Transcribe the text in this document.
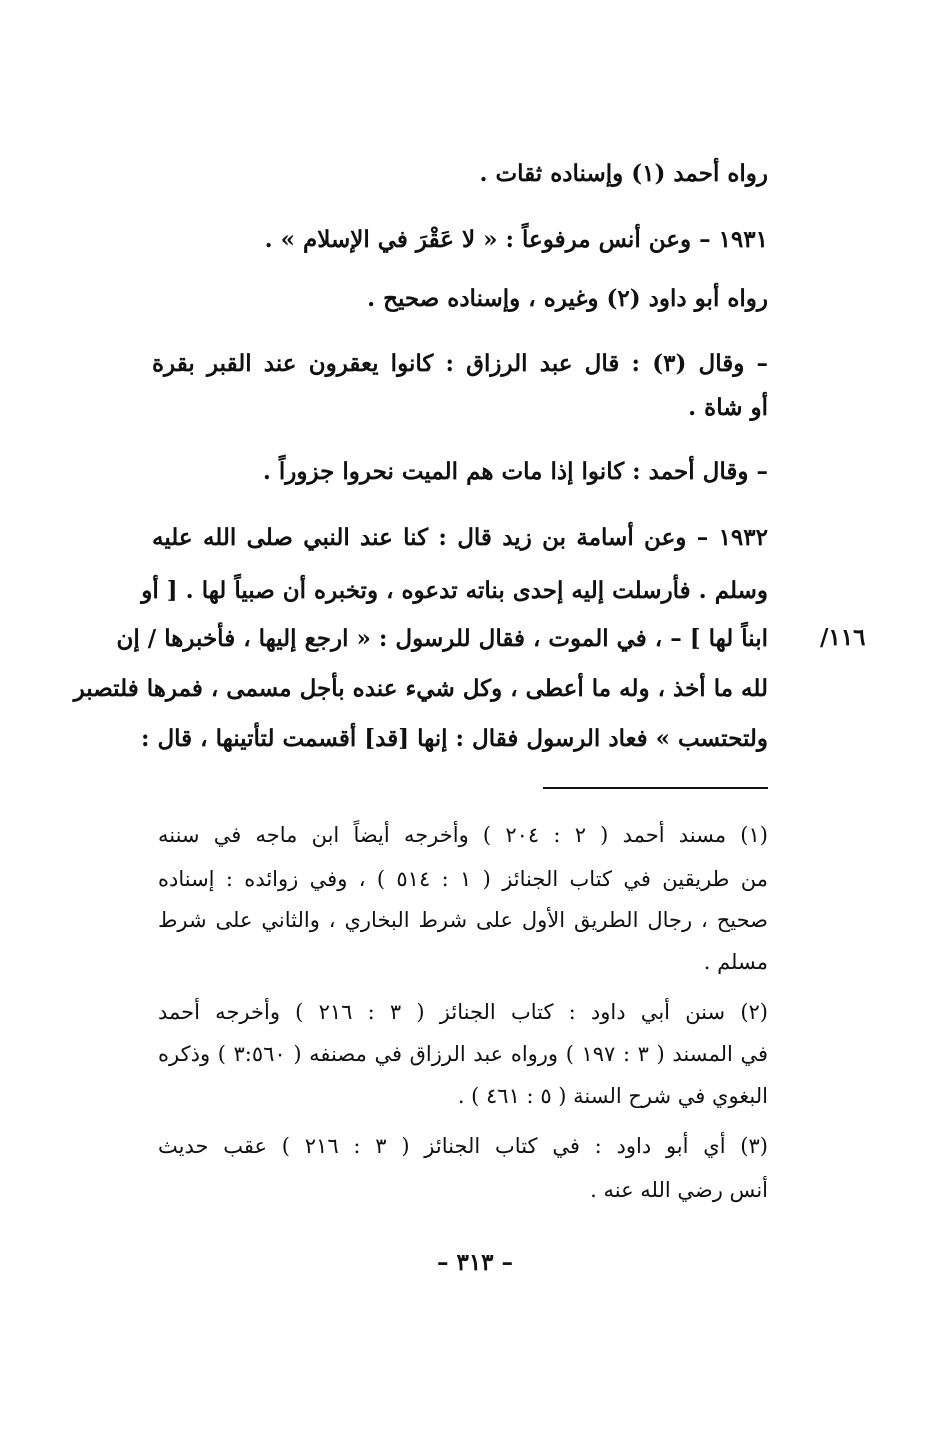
رواه أحمد (١) وإسناده ثقات .

١٩٣١ – وعن أنس مرفوعاً : « لا عَقْرَ في الإسلام » .

رواه أبو داود (٢) وغيره ، وإسناده صحيح .

– وقال (٣) : قال عبد الرزاق : كانوا يعقرون عند القبر بقرة

أو شاة .

– وقال أحمد : كانوا إذا مات هم الميت نحروا جزوراً .

١٩٣٢ – وعن أسامة بن زيد قال : كنا عند النبي صلى الله عليه

وسلم . فأرسلت إليه إحدى بناته تدعوه ، وتخبره أن صبياً لها . [ أو

ابناً لها ] – ، في الموت ، فقال للرسول : « ارجع إليها ، فأخبرها / إن

لله ما أخذ ، وله ما أعطى ، وكل شيء عنده بأجل مسمى ، فمرها فلتصبر

ولتحتسب » فعاد الرسول فقال : إنها [قد] أقسمت لتأتينها ، قال :

١١٦/

(١) مسند أحمد ( ٢ : ٢٠٤ ) وأخرجه أيضاً ابن ماجه في سننه

من طريقين في كتاب الجنائز ( ١ : ٥١٤ ) ، وفي زوائده : إسناده

صحيح ، رجال الطريق الأول على شرط البخاري ، والثاني على شرط

مسلم .

(٢) سنن أبي داود : كتاب الجنائز ( ٣ : ٢١٦ ) وأخرجه أحمد

في المسند ( ٣ : ١٩٧ ) ورواه عبد الرزاق في مصنفه ( ٣:٥٦٠ ) وذكره

البغوي في شرح السنة ( ٥ : ٤٦١ ) .

(٣) أي أبو داود : في كتاب الجنائز ( ٣ : ٢١٦ ) عقب حديث

أنس رضي الله عنه .

– ٣١٣ –
